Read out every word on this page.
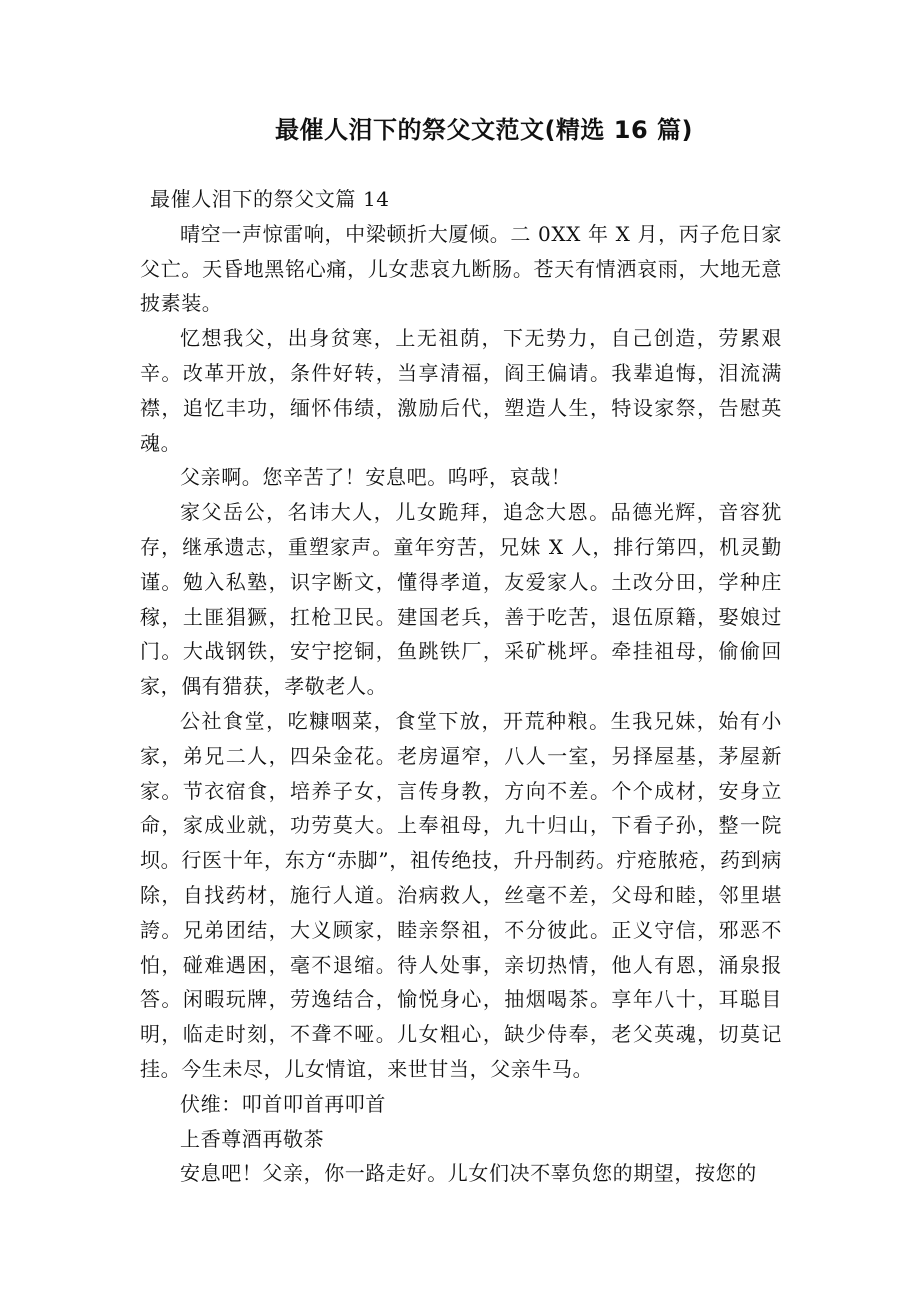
最催人泪下的祭父文范文(精选 16 篇)

最催人泪下的祭父文篇 14

晴空一声惊雷响，中梁顿折大厦倾。二 0XX 年 X 月，丙子危日家父亡。天昏地黑铭心痛，儿女悲哀九断肠。苍天有情洒哀雨，大地无意披素装。

忆想我父，出身贫寒，上无祖荫，下无势力，自己创造，劳累艰辛。改革开放，条件好转，当享清福，阎王偏请。我辈追悔，泪流满襟，追忆丰功，缅怀伟绩，激励后代，塑造人生，特设家祭，告慰英魂。

父亲啊。您辛苦了！安息吧。呜呼，哀哉！

家父岳公，名讳大人，儿女跪拜，追念大恩。品德光辉，音容犹存，继承遗志，重塑家声。童年穷苦，兄妹 X 人，排行第四，机灵勤谨。勉入私塾，识字断文，懂得孝道，友爱家人。土改分田，学种庄稼，土匪猖獗，扛枪卫民。建国老兵，善于吃苦，退伍原籍，娶娘过门。大战钢铁，安宁挖铜，鱼跳铁厂，采矿桃坪。牵挂祖母，偷偷回家，偶有猎获，孝敬老人。

公社食堂，吃糠咽菜，食堂下放，开荒种粮。生我兄妹，始有小家，弟兄二人，四朵金花。老房逼窄，八人一室，另择屋基，茅屋新家。节衣宿食，培养子女，言传身教，方向不差。个个成材，安身立命，家成业就，功劳莫大。上奉祖母，九十归山，下看子孙，整一院坝。行医十年，东方“赤脚”，祖传绝技，升丹制药。疔疮脓疮，药到病除，自找药材，施行人道。治病救人，丝毫不差，父母和睦，邻里堪誇。兄弟团结，大义顾家，睦亲祭祖，不分彼此。正义守信，邪恶不怕，碰难遇困，毫不退缩。待人处事，亲切热情，他人有恩，涌泉报答。闲暇玩牌，劳逸结合，愉悦身心，抽烟喝茶。享年八十，耳聪目明，临走时刻，不聋不哑。儿女粗心，缺少侍奉，老父英魂，切莫记挂。今生未尽，儿女情谊，来世甘当，父亲牛马。

伏维：叩首叩首再叩首

上香尊酒再敬茶

安息吧！父亲，你一路走好。儿女们决不辜负您的期望，按您的
